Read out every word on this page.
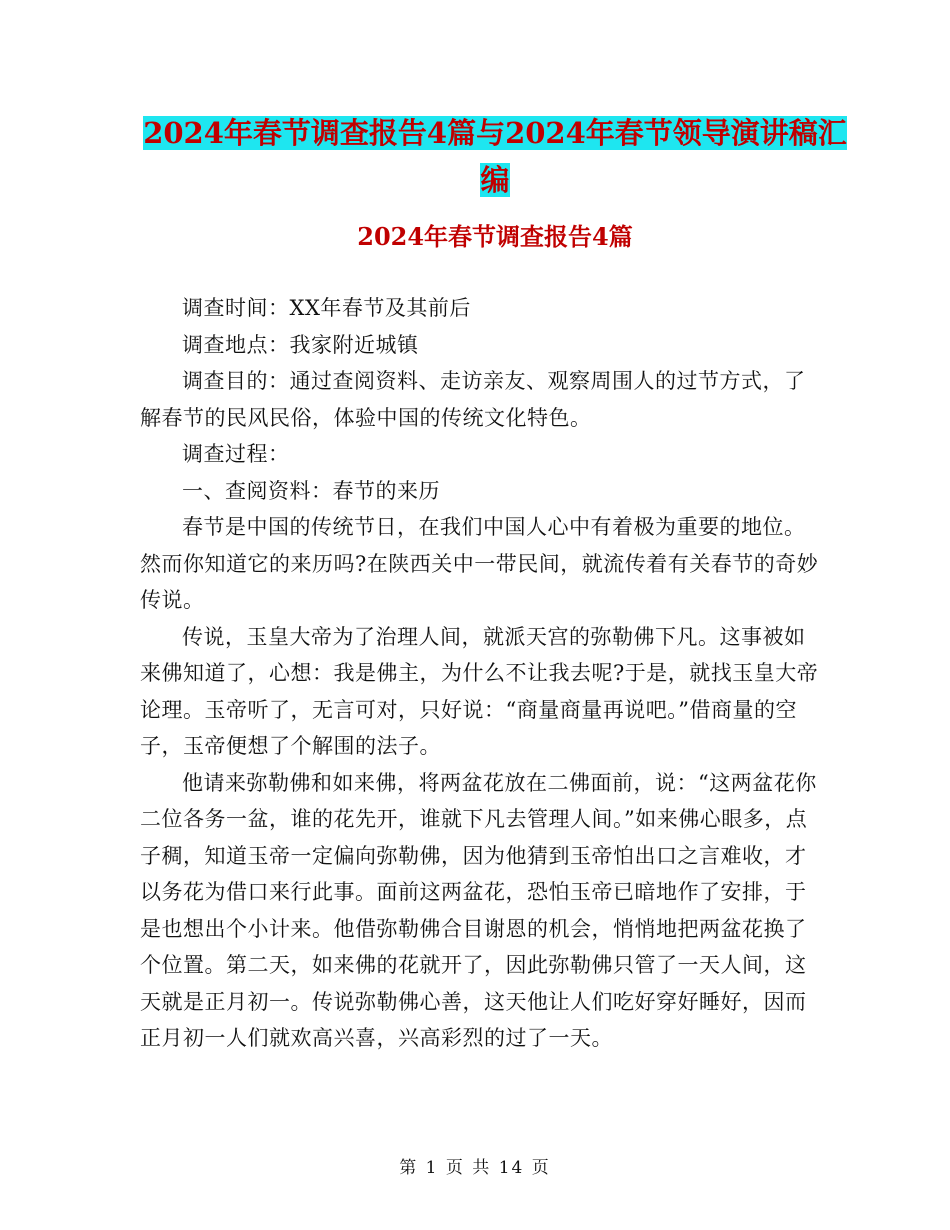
2024年春节调查报告4篇与2024年春节领导演讲稿汇
编
2024年春节调查报告4篇

调查时间：XX年春节及其前后

调查地点：我家附近城镇

调查目的：通过查阅资料、走访亲友、观察周围人的过节方式，了解春节的民风民俗，体验中国的传统文化特色。

调查过程：

一、查阅资料：春节的来历

春节是中国的传统节日，在我们中国人心中有着极为重要的地位。然而你知道它的来历吗?在陕西关中一带民间，就流传着有关春节的奇妙传说。

传说，玉皇大帝为了治理人间，就派天宫的弥勒佛下凡。这事被如来佛知道了，心想：我是佛主，为什么不让我去呢?于是，就找玉皇大帝论理。玉帝听了，无言可对，只好说：“商量商量再说吧。”借商量的空子，玉帝便想了个解围的法子。

他请来弥勒佛和如来佛，将两盆花放在二佛面前，说：“这两盆花你二位各务一盆，谁的花先开，谁就下凡去管理人间。”如来佛心眼多，点子稠，知道玉帝一定偏向弥勒佛，因为他猜到玉帝怕出口之言难收，才以务花为借口来行此事。面前这两盆花，恐怕玉帝已暗地作了安排，于是也想出个小计来。他借弥勒佛合目谢恩的机会，悄悄地把两盆花换了个位置。第二天，如来佛的花就开了，因此弥勒佛只管了一天人间，这天就是正月初一。传说弥勒佛心善，这天他让人们吃好穿好睡好，因而正月初一人们就欢高兴喜，兴高彩烈的过了一天。

第 1 页 共 14 页
